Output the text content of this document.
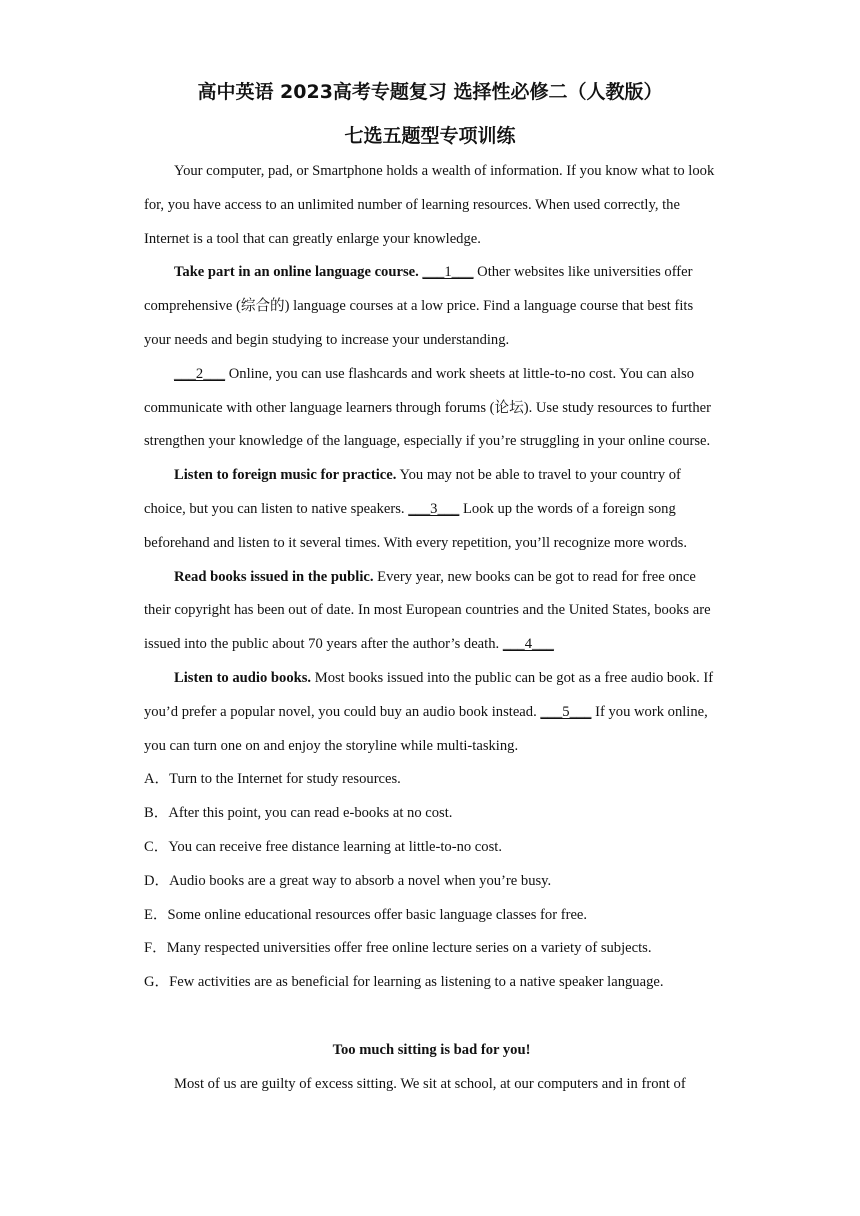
高中英语 2023高考专题复习 选择性必修二（人教版）
七选五题型专项训练

Your computer, pad, or Smartphone holds a wealth of information. If you know what to look for, you have access to an unlimited number of learning resources. When used correctly, the Internet is a tool that can greatly enlarge your knowledge.

Take part in an online language course. ___1___ Other websites like universities offer comprehensive (综合的) language courses at a low price. Find a language course that best fits your needs and begin studying to increase your understanding.

___2___ Online, you can use flashcards and work sheets at little-to-no cost. You can also communicate with other language learners through forums (论坛). Use study resources to further strengthen your knowledge of the language, especially if you’re struggling in your online course.

Listen to foreign music for practice. You may not be able to travel to your country of choice, but you can listen to native speakers. ___3___ Look up the words of a foreign song beforehand and listen to it several times. With every repetition, you’ll recognize more words.

Read books issued in the public. Every year, new books can be got to read for free once their copyright has been out of date. In most European countries and the United States, books are issued into the public about 70 years after the author’s death. ___4___

Listen to audio books. Most books issued into the public can be got as a free audio book. If you’d prefer a popular novel, you could buy an audio book instead. ___5___ If you work online, you can turn one on and enjoy the storyline while multi-tasking.

A．Turn to the Internet for study resources.

B．After this point, you can read e-books at no cost.

C．You can receive free distance learning at little-to-no cost.

D．Audio books are a great way to absorb a novel when you’re busy.

E．Some online educational resources offer basic language classes for free.

F．Many respected universities offer free online lecture series on a variety of subjects.

G．Few activities are as beneficial for learning as listening to a native speaker language.

Too much sitting is bad for you!

Most of us are guilty of excess sitting. We sit at school, at our computers and in front of
